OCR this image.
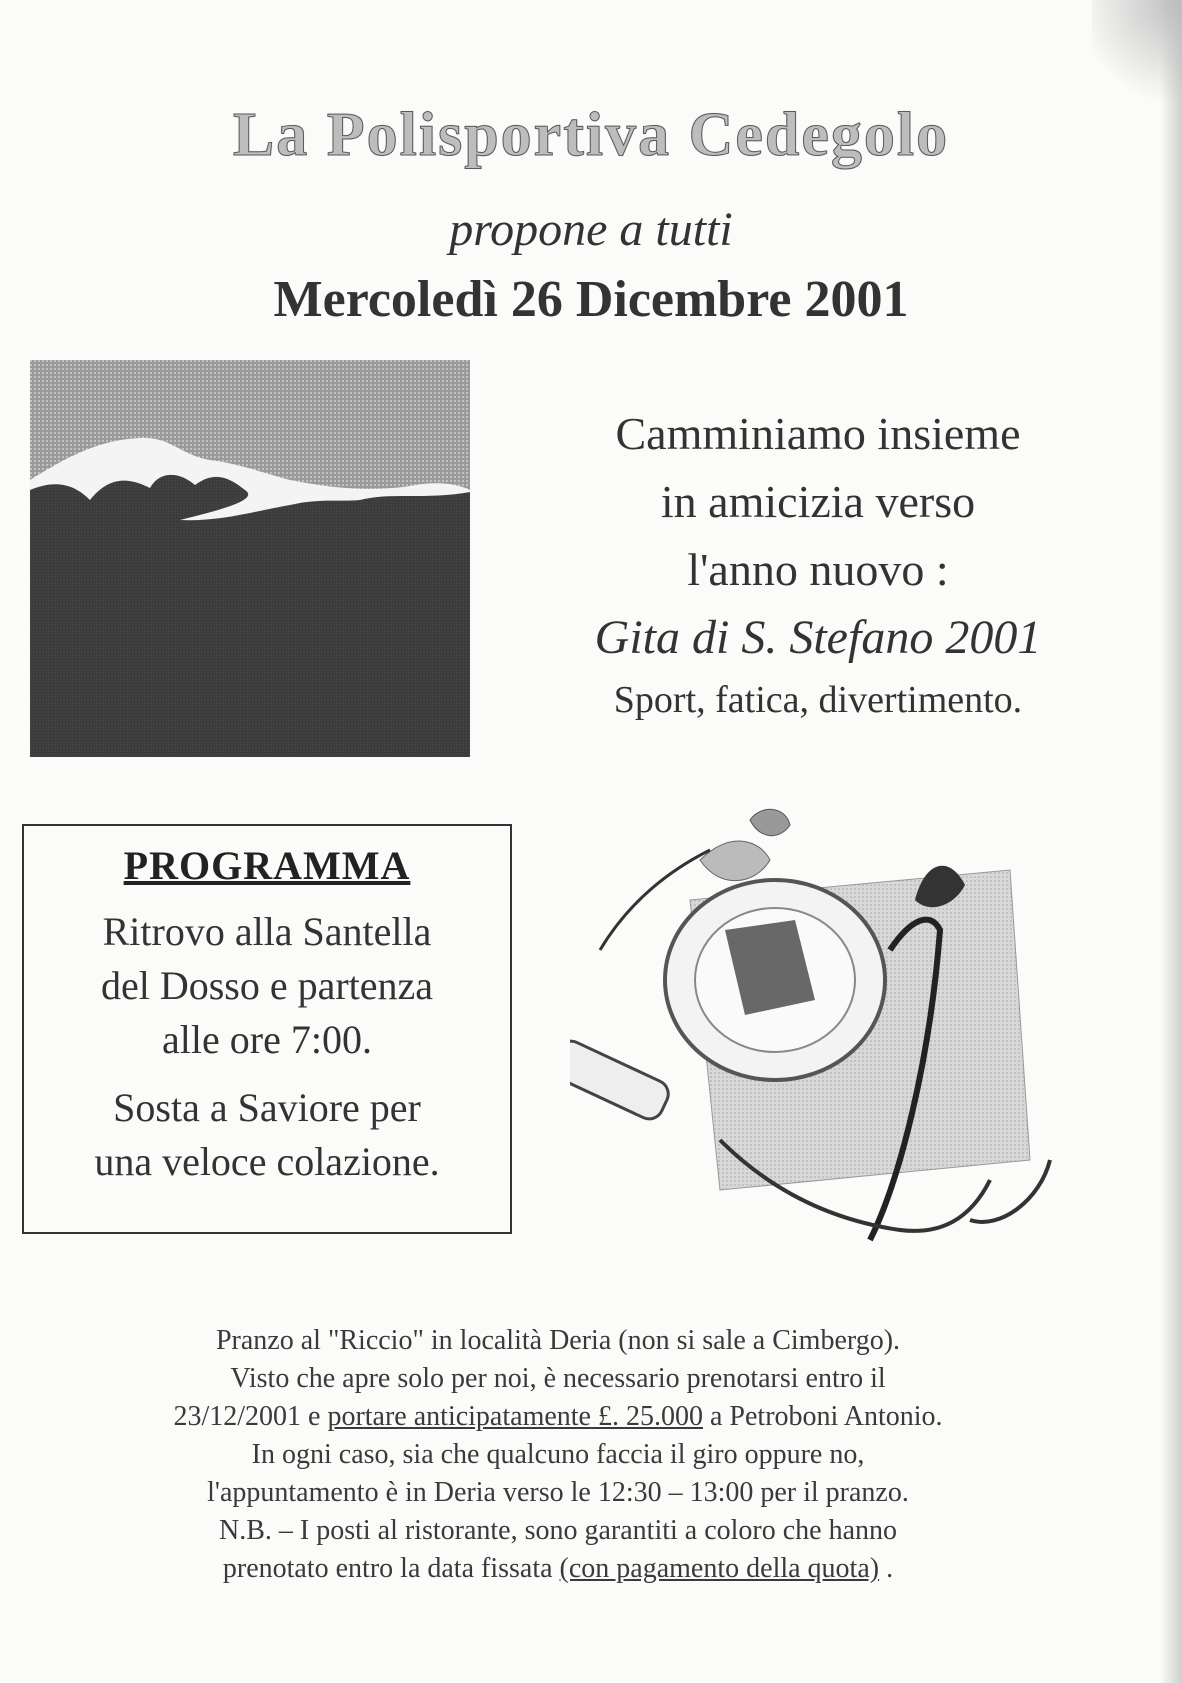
La Polisportiva Cedegolo
propone a tutti
Mercoledì 26 Dicembre 2001
Camminiamo insieme
in amicizia verso
l'anno nuovo :
Gita di S. Stefano 2001
Sport, fatica, divertimento.
PROGRAMMA
Ritrovo alla Santella
del Dosso e partenza
alle ore 7:00.
Sosta a Saviore per
una veloce colazione.
Pranzo al "Riccio" in località Deria (non si sale a Cimbergo).
Visto che apre solo per noi, è necessario prenotarsi entro il
23/12/2001 e portare anticipatamente £. 25.000 a Petroboni Antonio.
In ogni caso, sia che qualcuno faccia il giro oppure no,
l'appuntamento è in Deria verso le 12:30 – 13:00 per il pranzo.
N.B. – I posti al ristorante, sono garantiti a coloro che hanno
prenotato entro la data fissata (con pagamento della quota) .
